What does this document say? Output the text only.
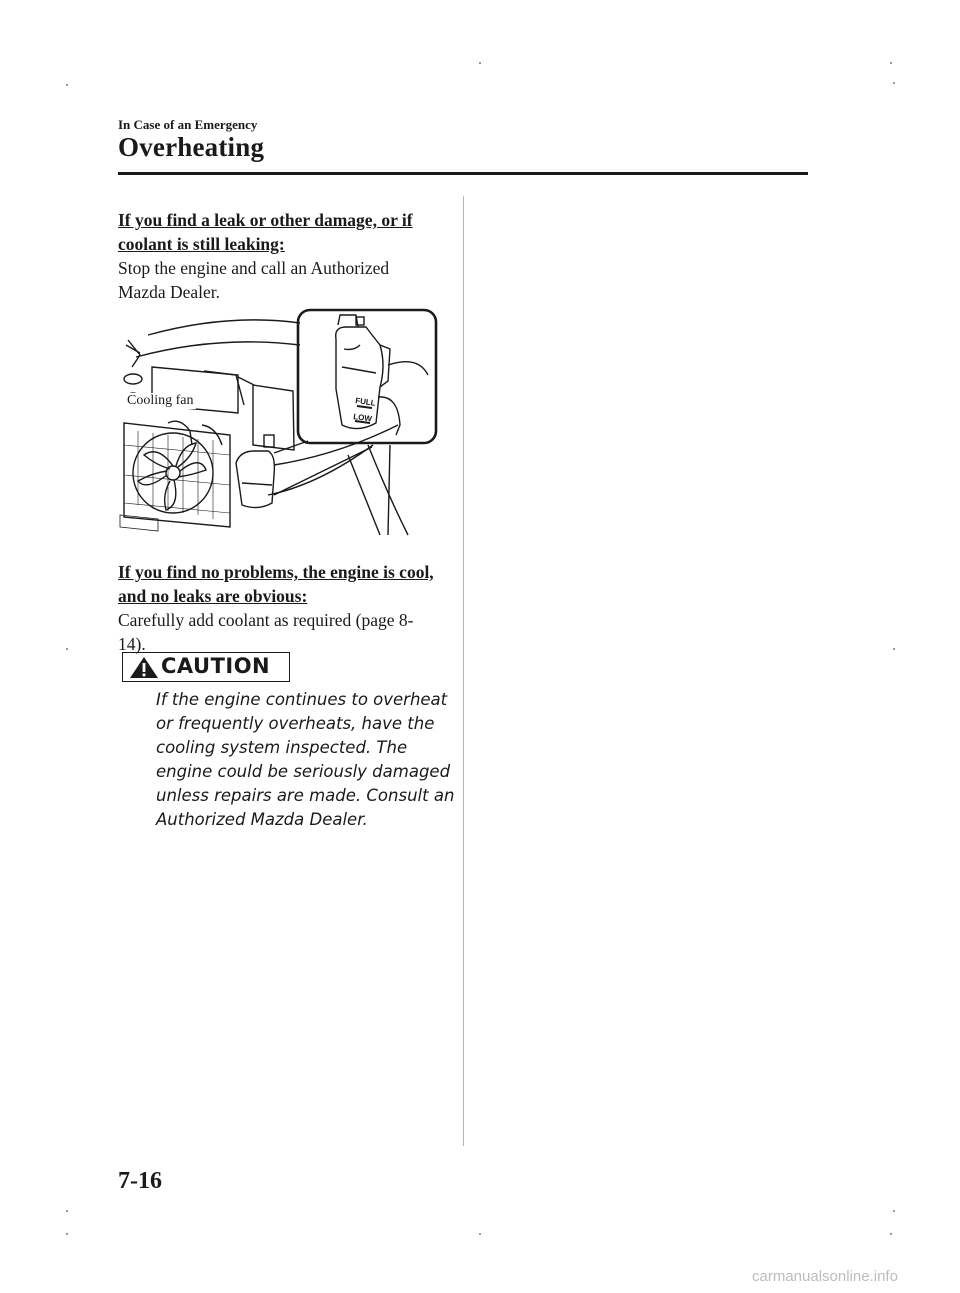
In Case of an Emergency
Overheating
If you find a leak or other damage, or if coolant is still leaking:
Stop the engine and call an Authorized Mazda Dealer.
FULL
LOW
Cooling fan
If you find no problems, the engine is cool, and no leaks are obvious:
Carefully add coolant as required (page 8-14).
CAUTION
If the engine continues to overheat or frequently overheats, have the cooling system inspected. The engine could be seriously damaged unless repairs are made. Consult an Authorized Mazda Dealer.
7-16
carmanualsonline.info
